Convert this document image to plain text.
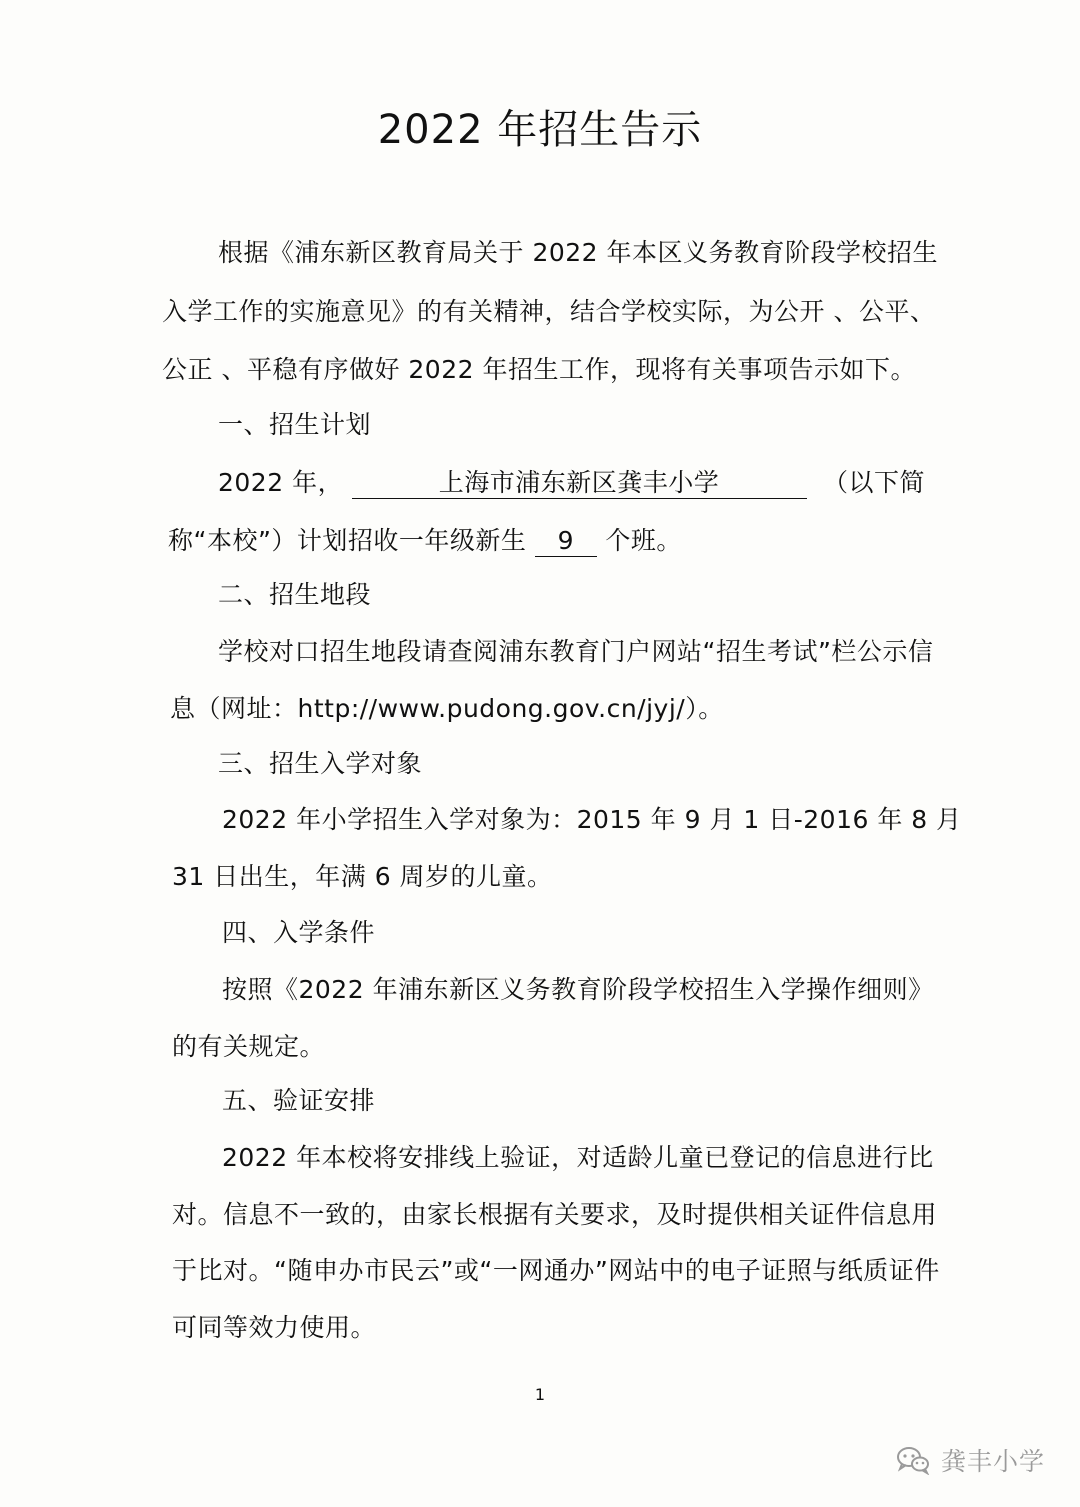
2022 年招生告示
根据《浦东新区教育局关于 2022 年本区义务教育阶段学校招生
入学工作的实施意见》的有关精神，结合学校实际，为公开 、公平、
公正 、平稳有序做好 2022 年招生工作，现将有关事项告示如下。
一、招生计划
2022 年，	上海市浦东新区龚丰小学	（以下简
称“本校”）计划招收一年级新生 9 个班。
二、招生地段
学校对口招生地段请查阅浦东教育门户网站“招生考试”栏公示信
息（网址：http://www.pudong.gov.cn/jyj/）。
三、招生入学对象
2022 年小学招生入学对象为：2015 年 9 月 1 日-2016 年 8 月
31 日出生，年满 6 周岁的儿童。
四、入学条件
按照《2022 年浦东新区义务教育阶段学校招生入学操作细则》
的有关规定。
五、验证安排
2022 年本校将安排线上验证，对适龄儿童已登记的信息进行比
对。信息不一致的，由家长根据有关要求，及时提供相关证件信息用
于比对。“随申办市民云”或“一网通办”网站中的电子证照与纸质证件
可同等效力使用。
1
龚丰小学
